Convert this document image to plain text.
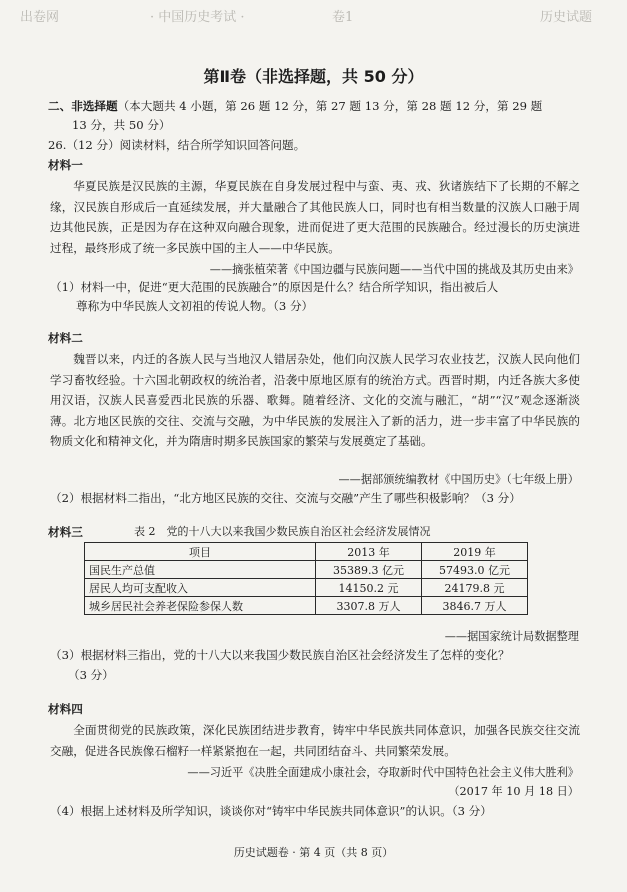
出卷网	· 中国历史考试 ·	卷1	历史试题
第Ⅱ卷（非选择题，共 50 分）
二、非选择题（本大题共 4 小题，第 26 题 12 分，第 27 题 13 分，第 28 题 12 分，第 29 题
13 分，共 50 分）
26.（12 分）阅读材料，结合所学知识回答问题。
材料一
华夏民族是汉民族的主源，华夏民族在自身发展过程中与蛮、夷、戎、狄诸族结下了长期的不解之缘，汉民族自形成后一直延续发展，并大量融合了其他民族人口，同时也有相当数量的汉族人口融于周边其他民族，正是因为存在这种双向融合现象，进而促进了更大范围的民族融合。经过漫长的历史演进过程，最终形成了统一多民族中国的主人——中华民族。
——摘张植荣著《中国边疆与民族问题——当代中国的挑战及其历史由来》
（1）材料一中，促进“更大范围的民族融合”的原因是什么？结合所学知识，指出被后人
尊称为中华民族人文初祖的传说人物。（3 分）
材料二
魏晋以来，内迁的各族人民与当地汉人错居杂处，他们向汉族人民学习农业技艺，汉族人民向他们学习畜牧经验。十六国北朝政权的统治者，沿袭中原地区原有的统治方式。西晋时期，内迁各族大多使用汉语，汉族人民喜爱西北民族的乐器、歌舞。随着经济、文化的交流与融汇，“胡”“汉”观念逐渐淡薄。北方地区民族的交往、交流与交融，为中华民族的发展注入了新的活力，进一步丰富了中华民族的物质文化和精神文化，并为隋唐时期多民族国家的繁荣与发展奠定了基础。
——据部颁统编教材《中国历史》（七年级上册）
（2）根据材料二指出，“北方地区民族的交往、交流与交融”产生了哪些积极影响？（3 分）
材料三	表 2　党的十八大以来我国少数民族自治区社会经济发展情况
项目	2013 年	2019 年
国民生产总值	35389.3 亿元	57493.0 亿元
居民人均可支配收入	14150.2 元	24179.8 元
城乡居民社会养老保险参保人数	3307.8 万人	3846.7 万人
——据国家统计局数据整理
（3）根据材料三指出，党的十八大以来我国少数民族自治区社会经济发生了怎样的变化？
（3 分）
材料四
全面贯彻党的民族政策，深化民族团结进步教育，铸牢中华民族共同体意识，加强各民族交往交流交融，促进各民族像石榴籽一样紧紧抱在一起，共同团结奋斗、共同繁荣发展。
——习近平《决胜全面建成小康社会，夺取新时代中国特色社会主义伟大胜利》
（2017 年 10 月 18 日）
（4）根据上述材料及所学知识，谈谈你对“铸牢中华民族共同体意识”的认识。（3 分）
历史试题卷 · 第 4 页（共 8 页）
